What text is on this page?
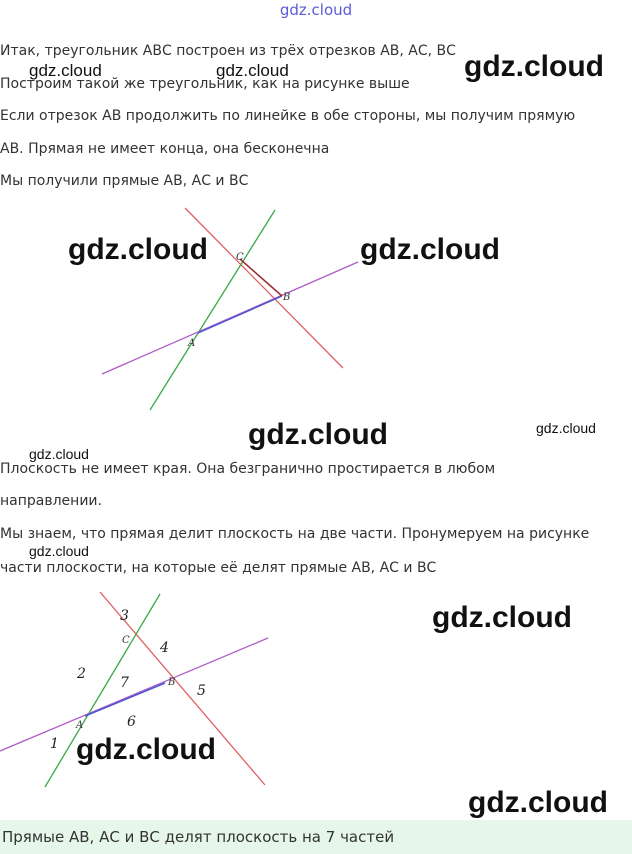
gdz.cloud

Итак, треугольник АВС построен из трёх отрезков АВ, АС, ВС

Построим такой же треугольник, как на рисунке выше

Если отрезок АВ продолжить по линейке в обе стороны, мы получим прямую

АВ. Прямая не имеет конца, она бесконечна

Мы получили прямые АВ, АС и ВС

C
B
A

Плоскость не имеет края. Она безгранично простирается в любом

направлении.

Мы знаем, что прямая делит плоскость на две части. Пронумеруем на рисунке

части плоскости, на которые её делят прямые АВ, АС и ВС

C
B
A
1
2
3
4
5
6
7
gdz.cloud	gdz.cloud	gdz.cloud
gdz.cloud	gdz.cloud
gdz.cloud	gdz.cloud
gdz.cloud
gdz.cloud
gdz.cloud
gdz.cloud
gdz.cloud
Прямые АВ, АС и ВС делят плоскость на 7 частей
